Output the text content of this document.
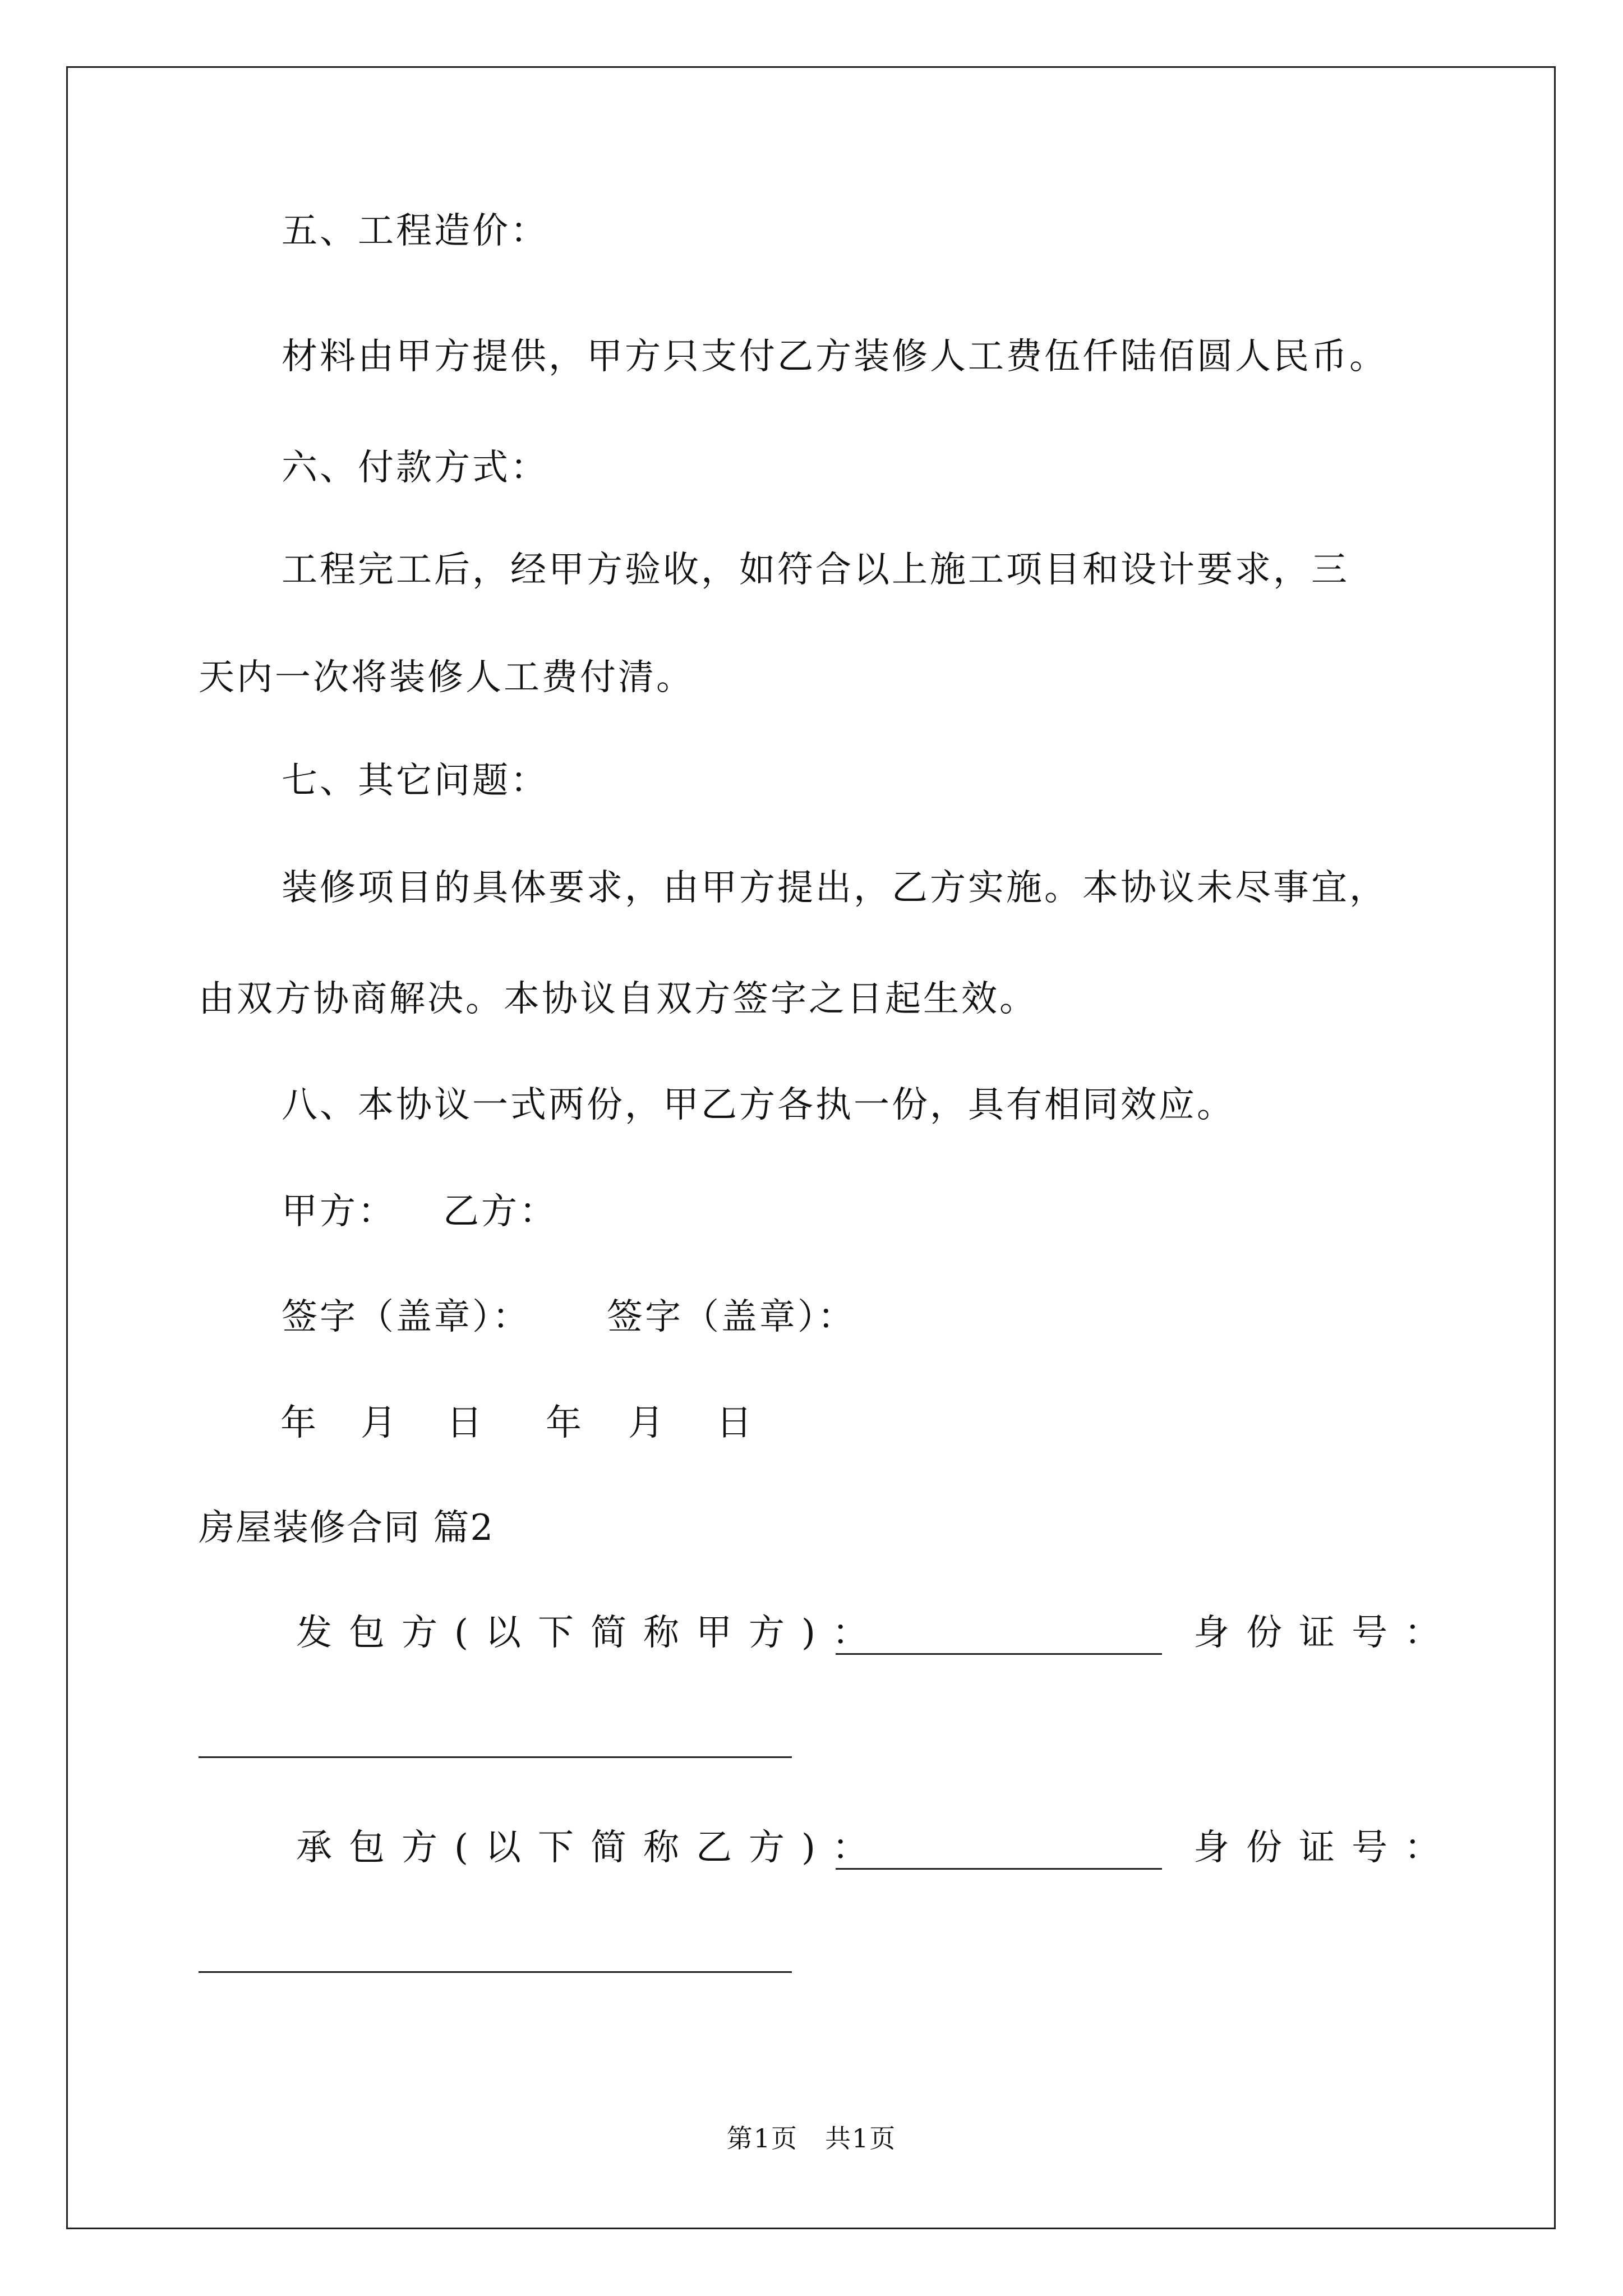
五、工程造价：
材料由甲方提供，甲方只支付乙方装修人工费伍仟陆佰圆人民币。
六、付款方式：
工程完工后，经甲方验收，如符合以上施工项目和设计要求，三
天内一次将装修人工费付清。
七、其它问题：
装修项目的具体要求，由甲方提出，乙方实施。本协议未尽事宜，
由双方协商解决。本协议自双方签字之日起生效。
八、本协议一式两份，甲乙方各执一份，具有相同效应。
甲方： 乙方：
签字（盖章）： 签字（盖章）：
年 月 日 年 月 日
房屋装修合同 篇2
发包方(以下简称甲方)：	身份证号：
承包方(以下简称乙方)：	身份证号：
第1页　共1页
